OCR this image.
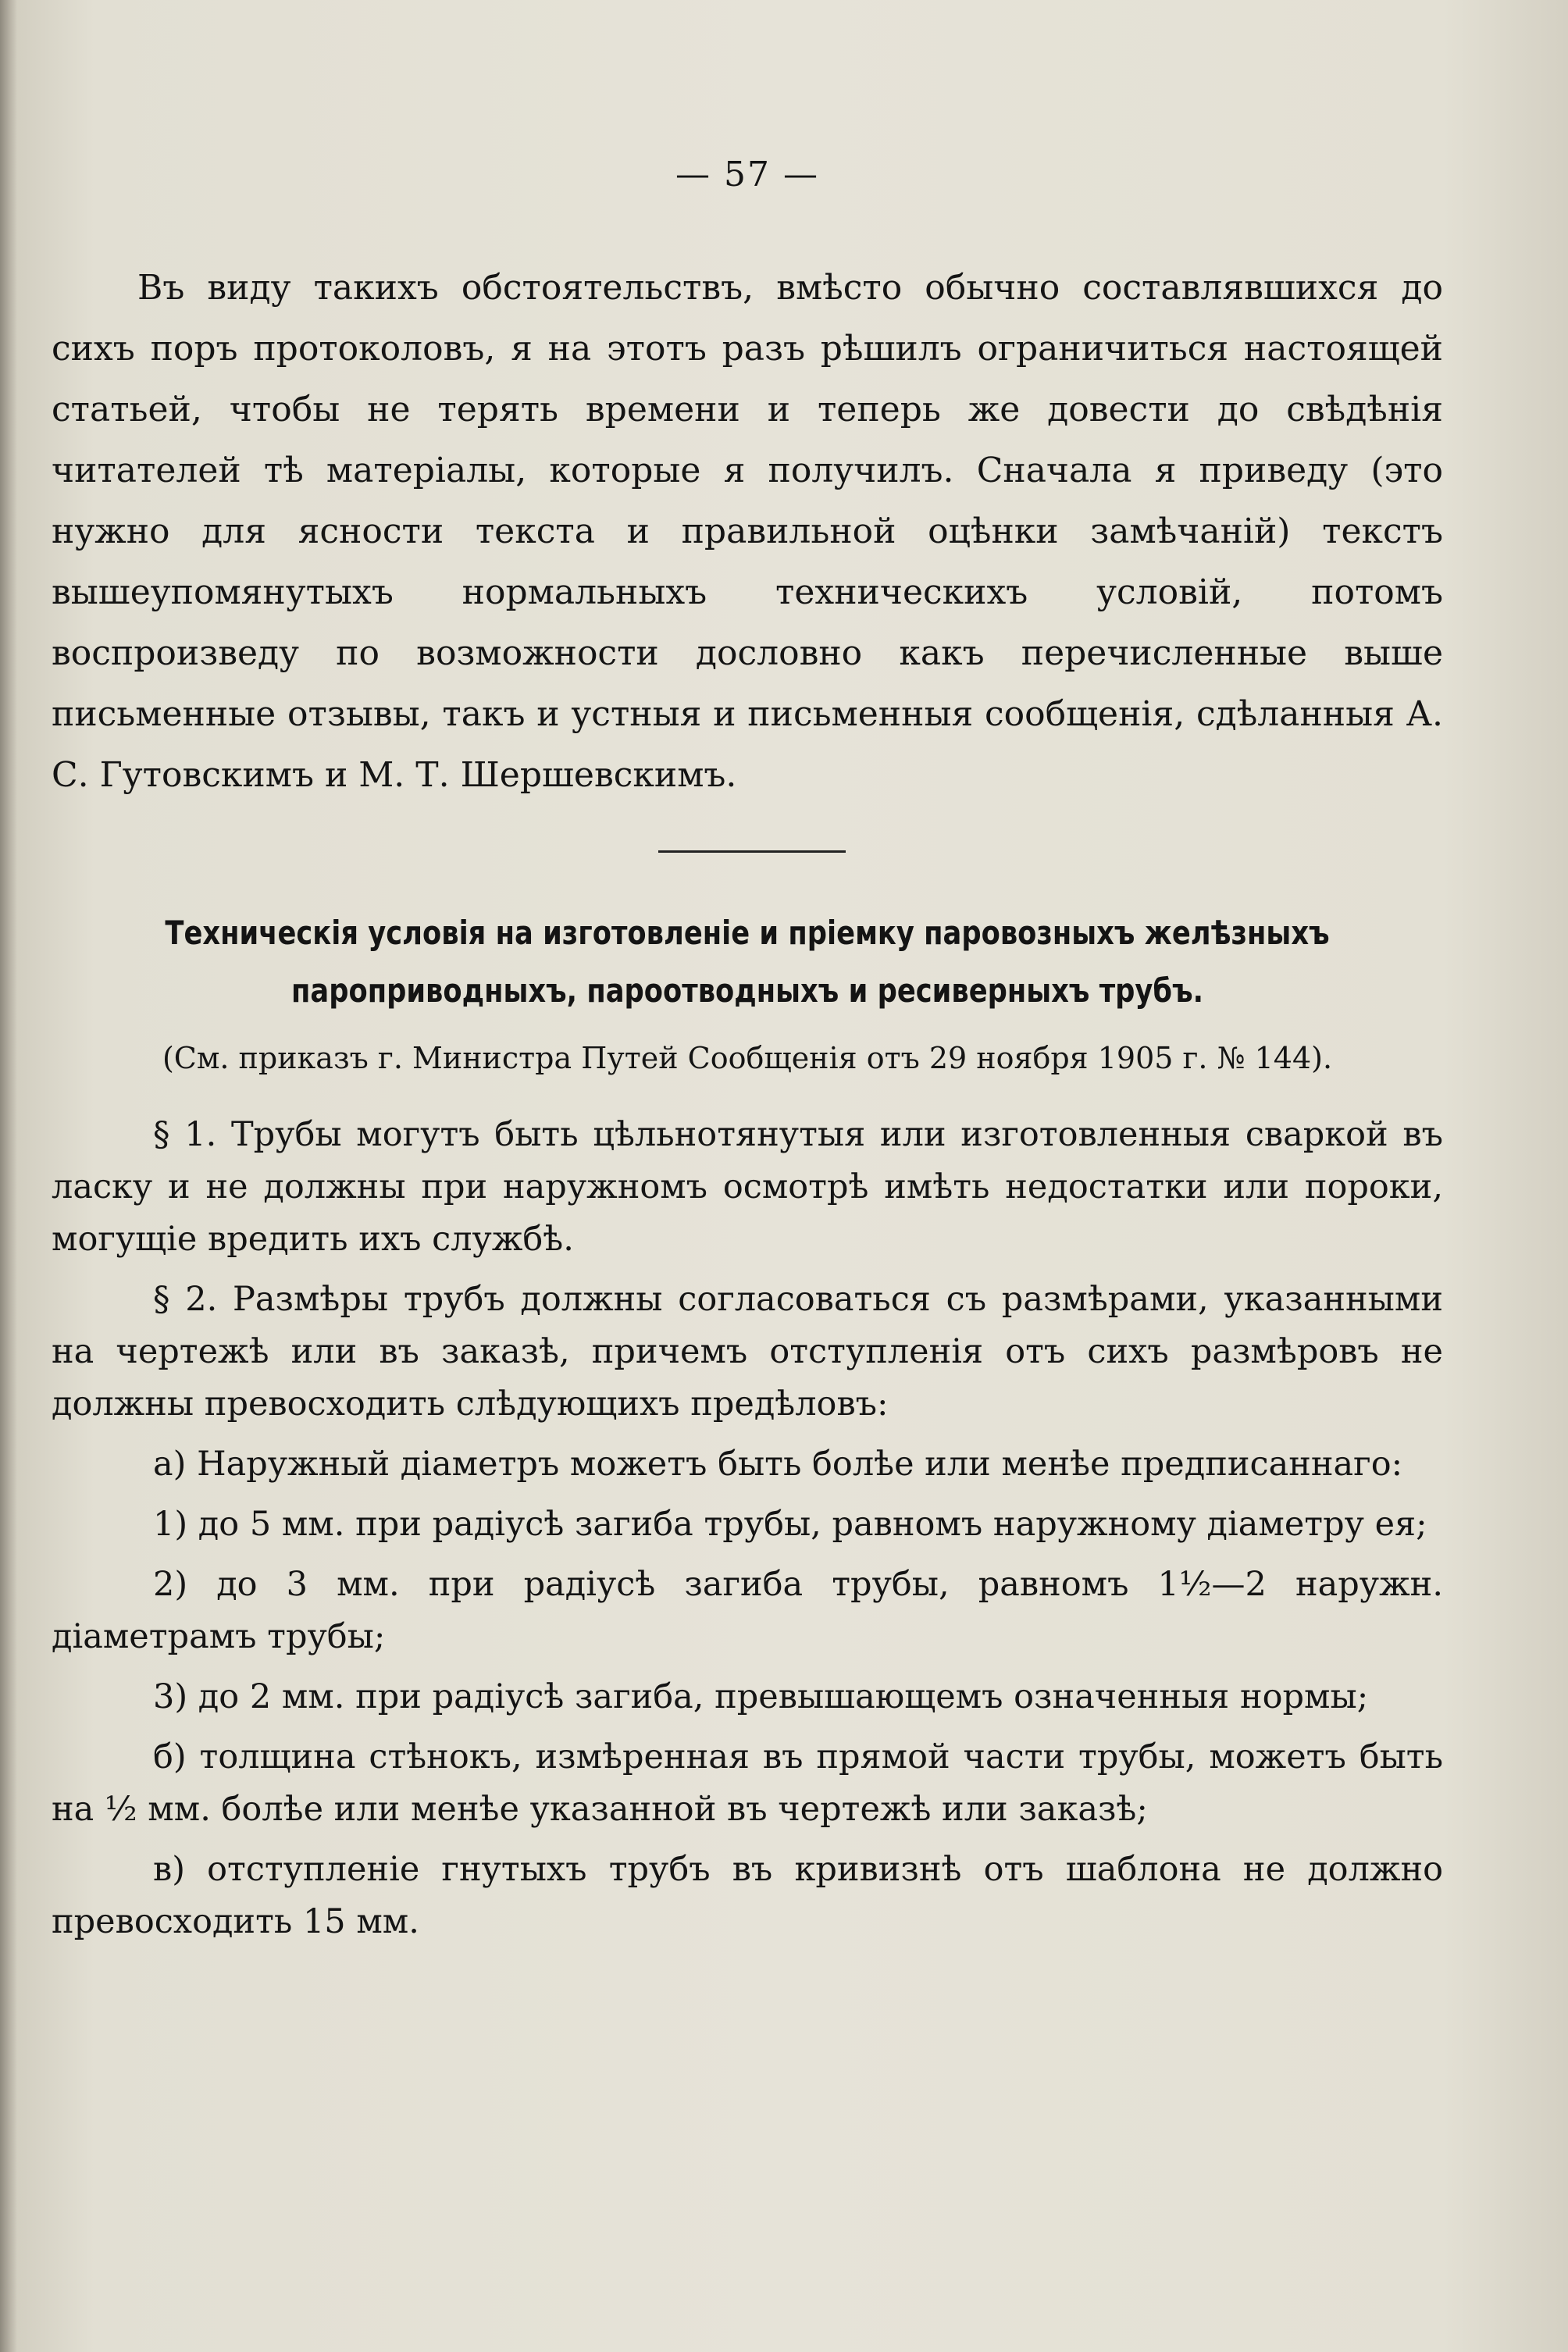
— 57 —

Въ виду такихъ обстоятельствъ, вмѣсто обычно составлявшихся до сихъ поръ протоколовъ, я на этотъ разъ рѣшилъ ограничиться настоящей статьей, чтобы не терять времени и теперь же довести до свѣдѣнія читателей тѣ матеріалы, которые я получилъ. Сначала я приведу (это нужно для ясности текста и правильной оцѣнки замѣчаній) текстъ вышеупомянутыхъ нормальныхъ техническихъ условій, потомъ воспроизведу по возможности дословно какъ перечисленные выше письменные отзывы, такъ и устныя и письменныя сообщенія, сдѣланныя А. С. Гутовскимъ и М. Т. Шершевскимъ.

Техническія условія на изготовленіе и пріемку паровозныхъ желѣзныхъ пароприводныхъ, пароотводныхъ и ресиверныхъ трубъ.

(См. приказъ г. Министра Путей Сообщенія отъ 29 ноября 1905 г. № 144).

§ 1. Трубы могутъ быть цѣльнотянутыя или изготовленныя сваркой въ ласку и не должны при наружномъ осмотрѣ имѣть недостатки или пороки, могущіе вредить ихъ службѣ.

§ 2. Размѣры трубъ должны согласоваться съ размѣрами, указанными на чертежѣ или въ заказѣ, причемъ отступленія отъ сихъ размѣровъ не должны превосходить слѣдующихъ предѣловъ:

а) Наружный діаметръ можетъ быть болѣе или менѣе предписаннаго:

1) до 5 мм. при радіусѣ загиба трубы, равномъ наружному діаметру ея;

2) до 3 мм. при радіусѣ загиба трубы, равномъ 1½—2 наружн. діаметрамъ трубы;

3) до 2 мм. при радіусѣ загиба, превышающемъ означенныя нормы;

б) толщина стѣнокъ, измѣренная въ прямой части трубы, можетъ быть на ½ мм. болѣе или менѣе указанной въ чертежѣ или заказѣ;

в) отступленіе гнутыхъ трубъ въ кривизнѣ отъ шаблона не должно превосходить 15 мм.
